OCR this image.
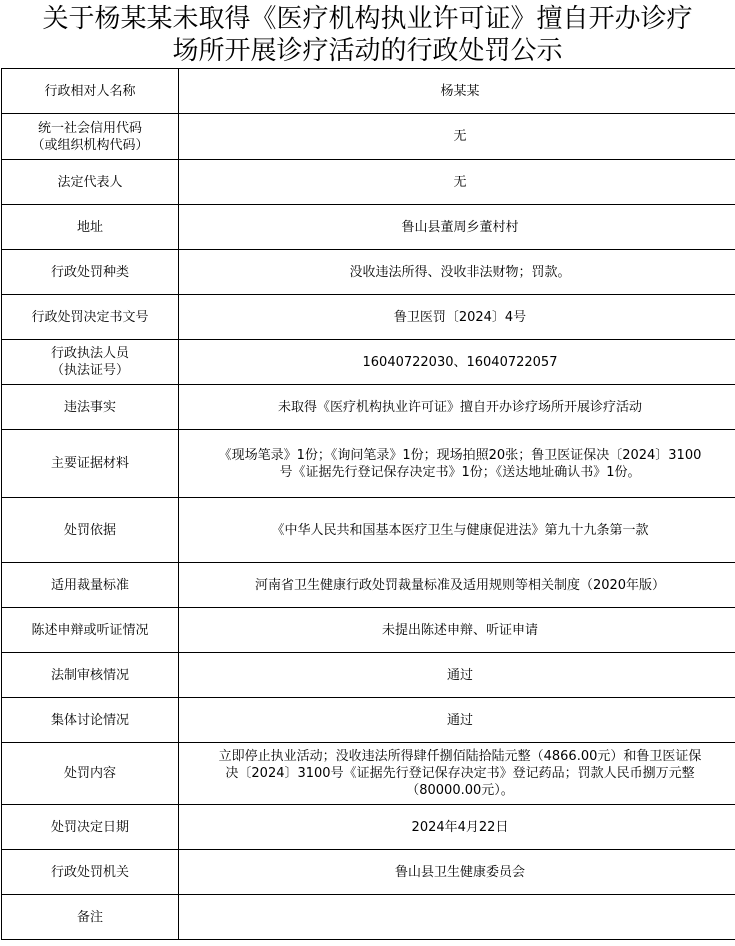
关于杨某某未取得《医疗机构执业许可证》擅自开办诊疗
场所开展诊疗活动的行政处罚公示
行政相对人名称	杨某某

统一社会信用代码
（或组织机构代码）	无

法定代表人	无

地址	鲁山县董周乡董村村

行政处罚种类	没收违法所得、没收非法财物；罚款。

行政处罚决定书文号	鲁卫医罚〔2024〕4号

行政执法人员
（执法证号）	16040722030、16040722057

违法事实	未取得《医疗机构执业许可证》擅自开办诊疗场所开展诊疗活动

主要证据材料	《现场笔录》1份；《询问笔录》1份；现场拍照20张；鲁卫医证保决〔2024〕3100
号《证据先行登记保存决定书》1份；《送达地址确认书》1份。

处罚依据	《中华人民共和国基本医疗卫生与健康促进法》第九十九条第一款

适用裁量标准	河南省卫生健康行政处罚裁量标准及适用规则等相关制度（2020年版）

陈述申辩或听证情况	未提出陈述申辩、听证申请

法制审核情况	通过

集体讨论情况	通过

处罚内容	立即停止执业活动；没收违法所得肆仟捌佰陆拾陆元整（4866.00元）和鲁卫医证保
决〔2024〕3100号《证据先行登记保存决定书》登记药品；罚款人民币捌万元整
（80000.00元）。

处罚决定日期	2024年4月22日

行政处罚机关	鲁山县卫生健康委员会

备注	
